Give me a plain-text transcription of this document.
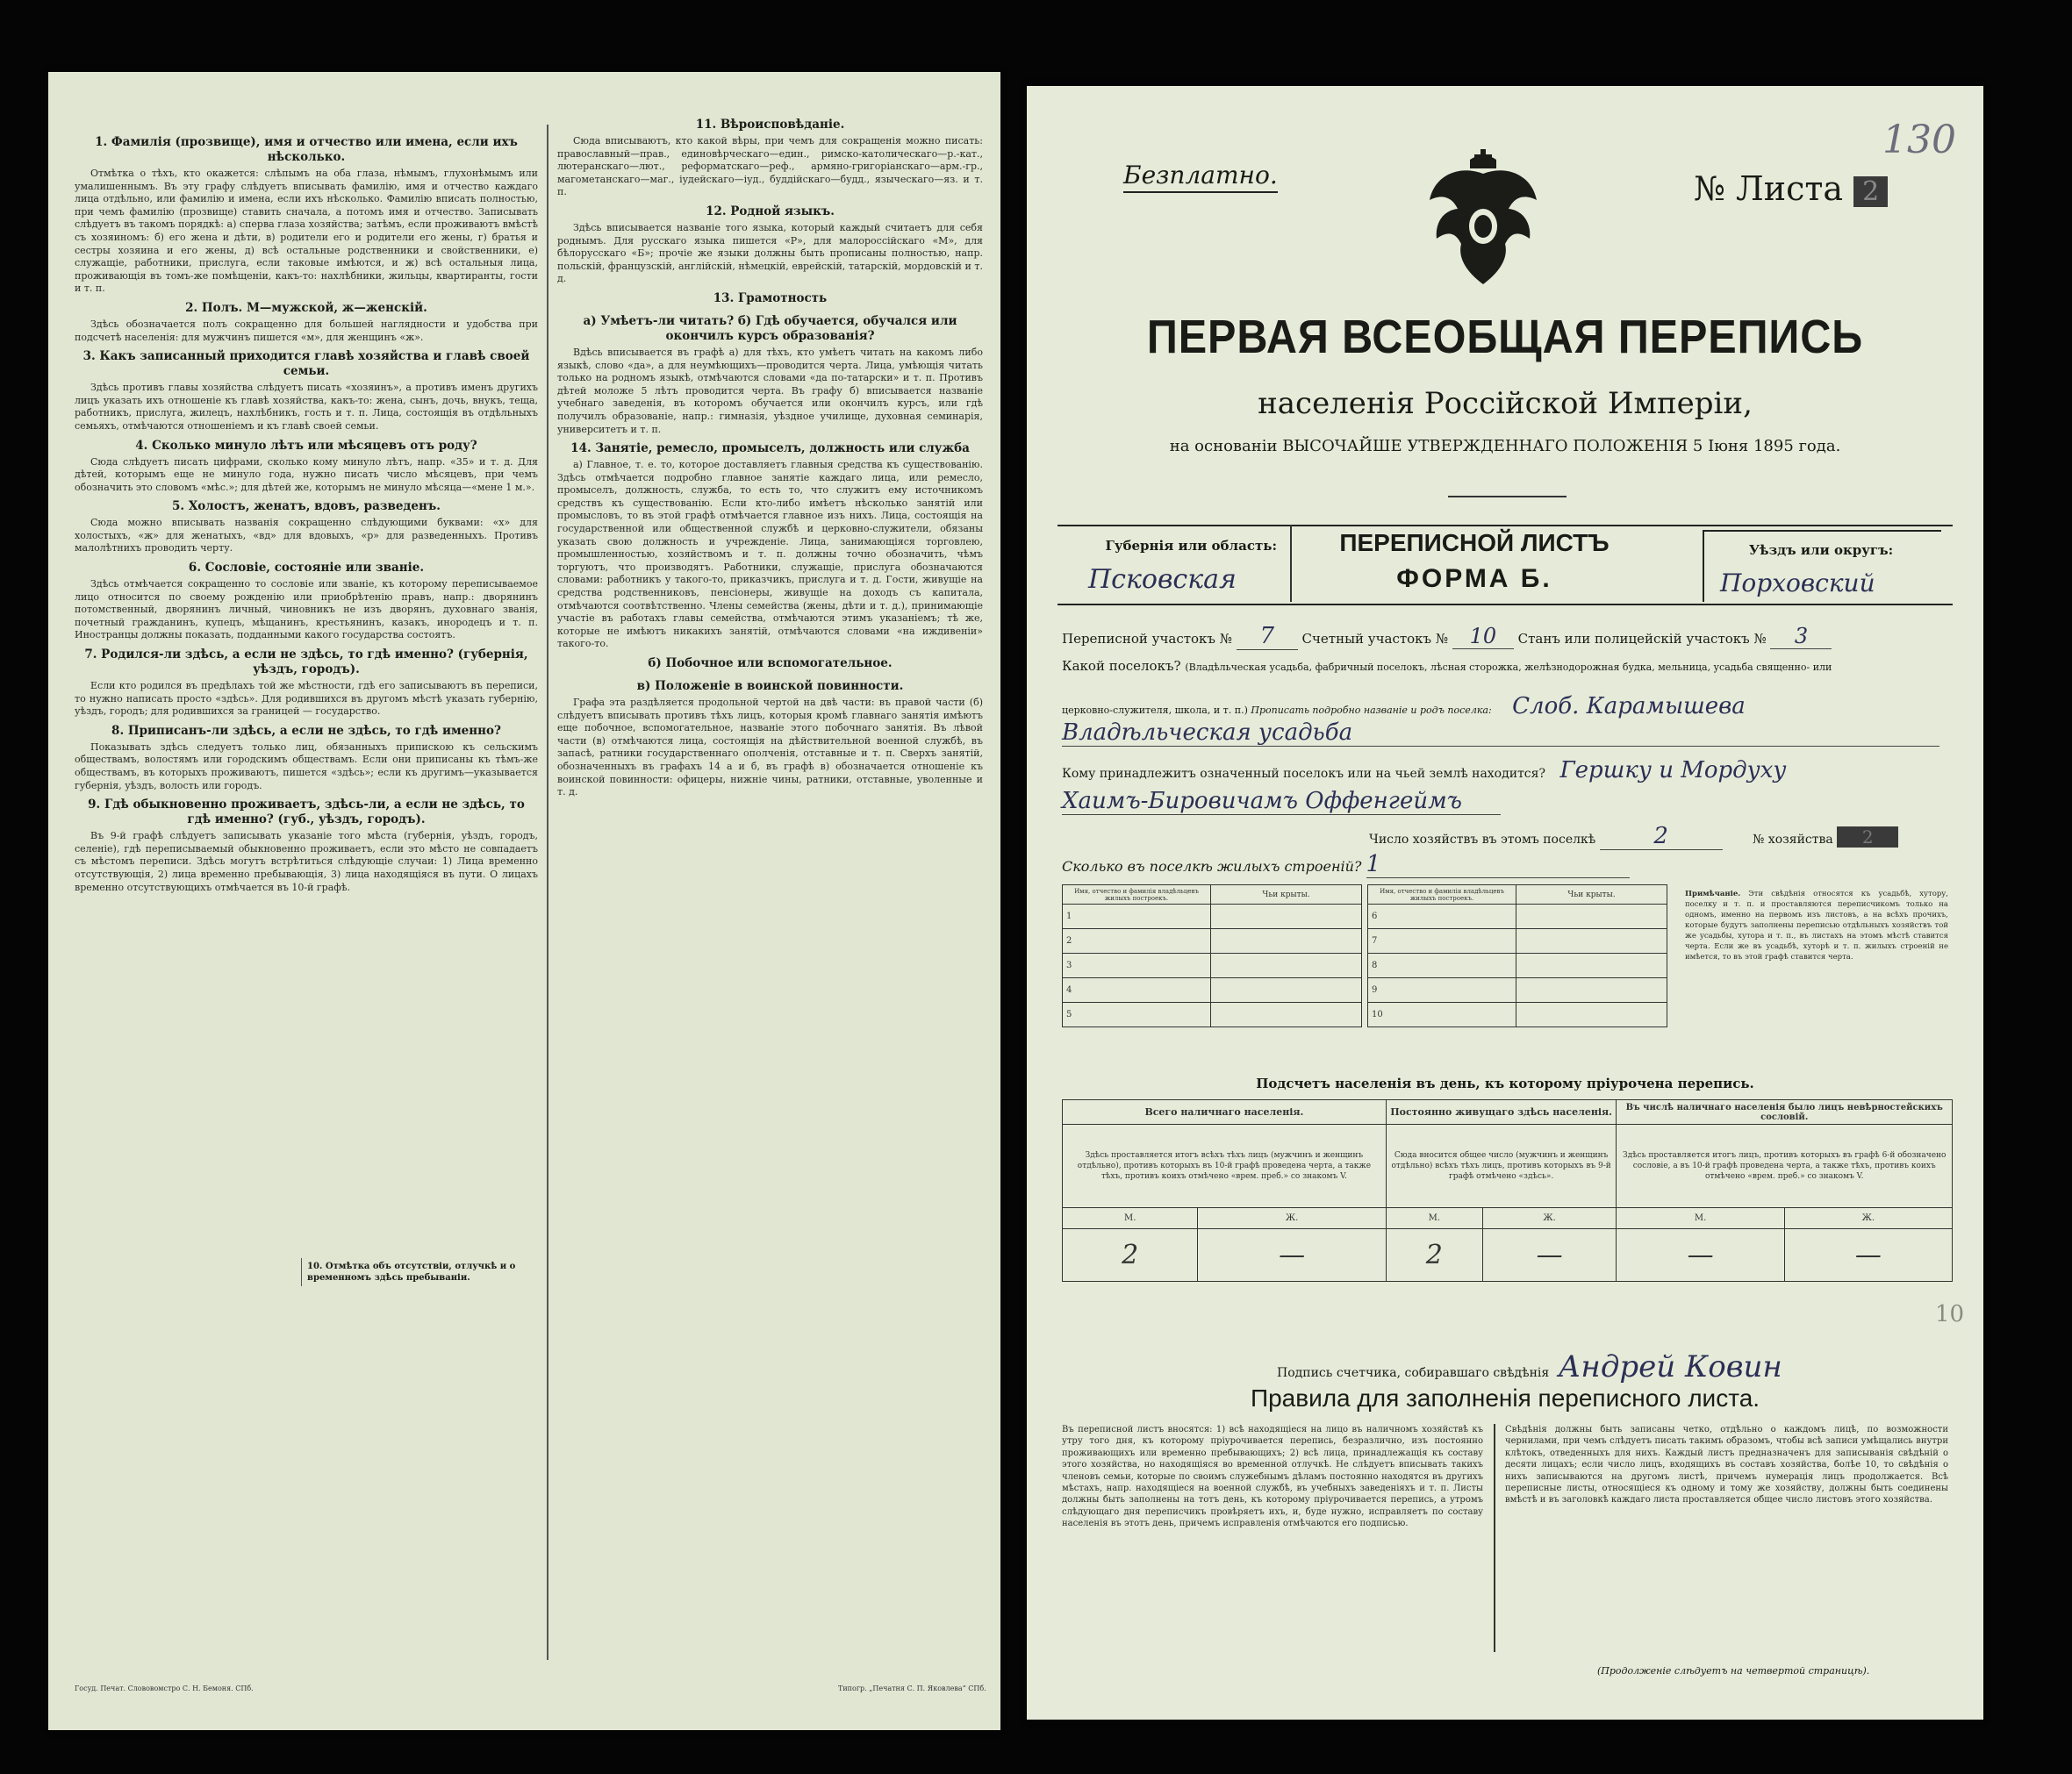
1. Фамилія (прозвище), имя и отчество или имена, если ихъ нѣсколько.
Отмѣтка о тѣхъ, кто окажется: слѣпымъ на оба глаза, нѣмымъ, глухонѣмымъ или умалишеннымъ. Въ эту графу слѣдуетъ вписывать фамилію, имя и отчество каждаго лица отдѣльно, или фамилію и имена, если ихъ нѣсколько. Фамилію вписать полностью, при чемъ фамилію (прозвище) ставить сначала, а потомъ имя и отчество. Записывать слѣдуетъ въ такомъ порядкѣ: а) сперва глаза хозяйства; затѣмъ, если проживаютъ вмѣстѣ съ хозяиномъ: б) его жена и дѣти, в) родители его и родители его жены, г) братья и сестры хозяина и его жены, д) всѣ остальные родственники и свойственники, е) служащіе, работники, прислуга, если таковые имѣются, и ж) всѣ остальныя лица, проживающія въ томъ-же помѣщеніи, какъ-то: нахлѣбники, жильцы, квартиранты, гости и т. п.
2. Полъ. М—мужской, ж—женскій.
Здѣсь обозначается полъ сокращенно для большей наглядности и удобства при подсчетѣ населенія: для мужчинъ пишется «м», для женщинъ «ж».
3. Какъ записанный приходится главѣ хозяйства и главѣ своей семьи.
Здѣсь противъ главы хозяйства слѣдуетъ писать «хозяинъ», а противъ именъ другихъ лицъ указать ихъ отношеніе къ главѣ хозяйства, какъ-то: жена, сынъ, дочь, внукъ, теща, работникъ, прислуга, жилецъ, нахлѣбникъ, гость и т. п. Лица, состоящія въ отдѣльныхъ семьяхъ, отмѣчаются отношеніемъ и къ главѣ своей семьи.
4. Сколько минуло лѣтъ или мѣсяцевъ отъ роду?
Сюда слѣдуетъ писать цифрами, сколько кому минуло лѣтъ, напр. «35» и т. д. Для дѣтей, которымъ еще не минуло года, нужно писать число мѣсяцевъ, при чемъ обозначить это словомъ «мѣс.»; для дѣтей же, которымъ не минуло мѣсяца—«мене 1 м.».
5. Холостъ, женатъ, вдовъ, разведенъ.
Сюда можно вписывать названія сокращенно слѣдующими буквами: «х» для холостыхъ, «ж» для женатыхъ, «вд» для вдовыхъ, «р» для разведенныхъ. Противъ малолѣтнихъ проводить черту.
6. Сословіе, состояніе или званіе.
Здѣсь отмѣчается сокращенно то сословіе или званіе, къ которому переписываемое лицо относится по своему рожденію или приобрѣтенію правъ, напр.: дворянинъ потомственный, дворянинъ личный, чиновникъ не изъ дворянъ, духовнаго званія, почетный гражданинъ, купецъ, мѣщанинъ, крестьянинъ, казакъ, инородецъ и т. п. Иностранцы должны показать, подданными какого государства состоятъ.
7. Родился-ли здѣсь, а если не здѣсь, то гдѣ именно? (губернія, уѣздъ, городъ).
Если кто родился въ предѣлахъ той же мѣстности, гдѣ его записываютъ въ переписи, то нужно написать просто «здѣсь». Для родившихся въ другомъ мѣстѣ указать губернію, уѣздъ, городъ; для родившихся за границей — государство.
8. Приписанъ-ли здѣсь, а если не здѣсь, то гдѣ именно?
Показывать здѣсь следуетъ только лиц, обязанныхъ припискою къ сельскимъ обществамъ, волостямъ или городскимъ обществамъ. Если они приписаны къ тѣмъ-же обществамъ, въ которыхъ проживаютъ, пишется «здѣсь»; если къ другимъ—указывается губернія, уѣздъ, волость или городъ.
9. Гдѣ обыкновенно проживаетъ, здѣсь-ли, а если не здѣсь, то гдѣ именно? (губ., уѣздъ, городъ).
Въ 9-й графѣ слѣдуетъ записывать указаніе того мѣста (губернія, уѣздъ, городъ, селеніе), гдѣ переписываемый обыкновенно проживаетъ, если это мѣсто не совпадаетъ съ мѣстомъ переписи. Здѣсь могутъ встрѣтиться слѣдующіе случаи: 1) Лица временно отсутствующія, 2) лица временно пребывающія, 3) лица находящіяся въ пути. О лицахъ временно отсутствующихъ отмѣчается въ 10-й графѣ.
11. Вѣроисповѣданіе.
Сюда вписываютъ, кто какой вѣры, при чемъ для сокращенія можно писать: православный—прав., единовѣрческаго—един., римско-католическаго—р.-кат., лютеранскаго—лют., реформатскаго—реф., армяно-григоріанскаго—арм.-гр., магометанскаго—маг., іудейскаго—іуд., буддійскаго—будд., языческаго—яз. и т. п.
12. Родной языкъ.
Здѣсь вписывается названіе того языка, который каждый считаетъ для себя роднымъ. Для русскаго языка пишется «Р», для малороссійскаго «М», для бѣлорусскаго «Б»; прочіе же языки должны быть прописаны полностью, напр. польскій, французскій, англійскій, нѣмецкій, еврейскій, татарскій, мордовскій и т. д.
13. Грамотность
а) Умѣетъ-ли читать? б) Гдѣ обучается, обучался или окончилъ курсъ образованія?
Вдѣсь вписывается въ графѣ а) для тѣхъ, кто умѣетъ читать на какомъ либо языкѣ, слово «да», а для неумѣющихъ—проводится черта. Лица, умѣющія читать только на родномъ языкѣ, отмѣчаются словами «да по-татарски» и т. п. Противъ дѣтей моложе 5 лѣтъ проводится черта. Въ графу б) вписывается названіе учебнаго заведенія, въ которомъ обучается или окончилъ курсъ, или гдѣ получилъ образованіе, напр.: гимназія, уѣздное училище, духовная семинарія, университетъ и т. п.
14. Занятіе, ремесло, промыселъ, должность или служба
а) Главное, т. е. то, которое доставляетъ главныя средства къ существованію. Здѣсь отмѣчается подробно главное занятіе каждаго лица, или ремесло, промыселъ, должность, служба, то есть то, что служитъ ему источникомъ средствъ къ существованію. Если кто-либо имѣетъ нѣсколько занятій или промысловъ, то въ этой графѣ отмѣчается главное изъ нихъ. Лица, состоящія на государственной или общественной службѣ и церковно-служители, обязаны указать свою должность и учрежденіе. Лица, занимающіяся торговлею, промышленностью, хозяйствомъ и т. п. должны точно обозначить, чѣмъ торгуютъ, что производятъ. Работники, служащіе, прислуга обозначаются словами: работникъ у такого-то, приказчикъ, прислуга и т. д. Гости, живущіе на средства родственниковъ, пенсіонеры, живущіе на доходъ съ капитала, отмѣчаются соотвѣтственно. Члены семейства (жены, дѣти и т. д.), принимающіе участіе въ работахъ главы семейства, отмѣчаются этимъ указаніемъ; тѣ же, которые не имѣютъ никакихъ занятій, отмѣчаются словами «на иждивеніи» такого-то.
б) Побочное или вспомогательное.
в) Положеніе в воинской повинности.
Графа эта раздѣляется продольной чертой на двѣ части: въ правой части (б) слѣдуетъ вписывать противъ тѣхъ лицъ, которыя кромѣ главнаго занятія имѣютъ еще побочное, вспомогательное, названіе этого побочнаго занятія. Въ лѣвой части (в) отмѣчаются лица, состоящія на дѣйствительной военной службѣ, въ запасѣ, ратники государственнаго ополченія, отставные и т. п. Сверхъ занятій, обозначенныхъ въ графахъ 14 а и б, въ графѣ в) обозначается отношеніе къ воинской повинности: офицеры, нижніе чины, ратники, отставные, уволенные и т. д.
10. Отмѣтка объ отсутствіи, отлучкѣ и о временномъ здѣсь пребываніи.
Госуд. Печат. Слововомстро С. Н. Бемоня. СПб.	Типогр. „Печатня С. П. Яковлева“ СПб.
130
Безплатно.	№ Листа 2
ПЕРВАЯ ВСЕОБЩАЯ ПЕРЕПИСЬ
населенія Россійской Имперіи,
на основаніи ВЫСОЧАЙШЕ УТВЕРЖДЕННАГО ПОЛОЖЕНІЯ 5 Іюня 1895 года.
Губернія или область:
Псковская
ПЕРЕПИСНОЙ ЛИСТЪ
ФОРМА Б.
Уѣздъ или округъ:
Порховский
Переписной участокъ № 7 Счетный участокъ № 10 Станъ или полицейскій участокъ № 3
Какой поселокъ? (Владѣльческая усадьба, фабричный поселокъ, лѣсная сторожка, желѣзнодорожная будка, мельница, усадьба священно- или
церковно-служителя, школа, и т. п.) Прописать подробно названіе и родъ поселка: Слоб. Карамышева
Владѣльческая усадьба
Кому принадлежитъ означенный поселокъ или на чьей землѣ находится? Гершку и Мордуху
Хаимъ-Бировичамъ Оффенгеймъ
Число хозяйствъ въ этомъ поселкѣ	2	№ хозяйства 2
Сколько въ поселкѣ жилыхъ строеній? 1
Имя, отчество и фамилія владѣльцевъ жилыхъ построекъ.	Чьи крыты.
1	
2	
3	
4	
5	
Имя, отчество и фамилія владѣльцевъ жилыхъ построекъ.	Чьи крыты.
6	
7	
8	
9	
10	
Примѣчаніе. Эти свѣдѣнія относятся къ усадьбѣ, хутору, поселку и т. п. и проставляются переписчикомъ только на одномъ, именно на первомъ изъ листовъ, а на всѣхъ прочихъ, которые будутъ заполнены переписью отдѣльныхъ хозяйствъ той же усадьбы, хутора и т. п., въ листахъ на этомъ мѣстѣ ставится черта. Если же въ усадьбѣ, хуторѣ и т. п. жилыхъ строеній не имѣется, то въ этой графѣ ставится черта.
Подсчетъ населенія въ день, къ которому пріурочена перепись.
Всего наличнаго населенія.		Постоянно живущаго здѣсь населенія.		Въ числѣ наличнаго населенія было лицъ невѣрностейскихъ сословій.	
Здѣсь проставляется итогъ всѣхъ тѣхъ лицъ (мужчинъ и женщинъ отдѣльно), противъ которыхъ въ 10-й графѣ проведена черта, а также тѣхъ, противъ коихъ отмѣчено «врем. преб.» со знакомъ V.		Сюда вносится общее число (мужчинъ и женщинъ отдѣльно) всѣхъ тѣхъ лицъ, противъ которыхъ въ 9-й графѣ отмѣчено «здѣсь».		Здѣсь проставляется итогъ лицъ, противъ которыхъ въ графѣ 6-й обозначено сословіе, а въ 10-й графѣ проведена черта, а также тѣхъ, противъ коихъ отмѣчено «врем. преб.» со знакомъ V.	
М.	Ж.	М.	Ж.	М.	Ж.
2	—	2	—	—	—
Подпись счетчика, собиравшаго свѣдѣнія Андрей Ковин
10
Правила для заполненія переписного листа.
Въ переписной листъ вносятся: 1) всѣ находящіеся на лицо въ наличномъ хозяйствѣ къ утру того дня, къ которому пріурочивается перепись, безразлично, изъ постоянно проживающихъ или временно пребывающихъ; 2) всѣ лица, принадлежащія къ составу этого хозяйства, но находящіяся во временной отлучкѣ. Не слѣдуетъ вписывать такихъ членовъ семьи, которые по своимъ служебнымъ дѣламъ постоянно находятся въ другихъ мѣстахъ, напр. находящіеся на военной службѣ, въ учебныхъ заведеніяхъ и т. п. Листы должны быть заполнены на тотъ день, къ которому пріурочивается перепись, а утромъ слѣдующаго дня переписчикъ провѣряетъ ихъ, и, буде нужно, исправляетъ по составу населенія въ этотъ день, причемъ исправленія отмѣчаются его подписью.
Свѣдѣнія должны быть записаны четко, отдѣльно о каждомъ лицѣ, по возможности чернилами, при чемъ слѣдуетъ писать такимъ образомъ, чтобы всѣ записи умѣщались внутри клѣтокъ, отведенныхъ для нихъ. Каждый листъ предназначенъ для записыванія свѣдѣній о десяти лицахъ; если число лицъ, входящихъ въ составъ хозяйства, болѣе 10, то свѣдѣнія о нихъ записываются на другомъ листѣ, причемъ нумерація лицъ продолжается. Всѣ переписные листы, относящіеся къ одному и тому же хозяйству, должны быть соединены вмѣстѣ и въ заголовкѣ каждаго листа проставляется общее число листовъ этого хозяйства.
(Продолженіе слѣдуетъ на четвертой страницѣ).
